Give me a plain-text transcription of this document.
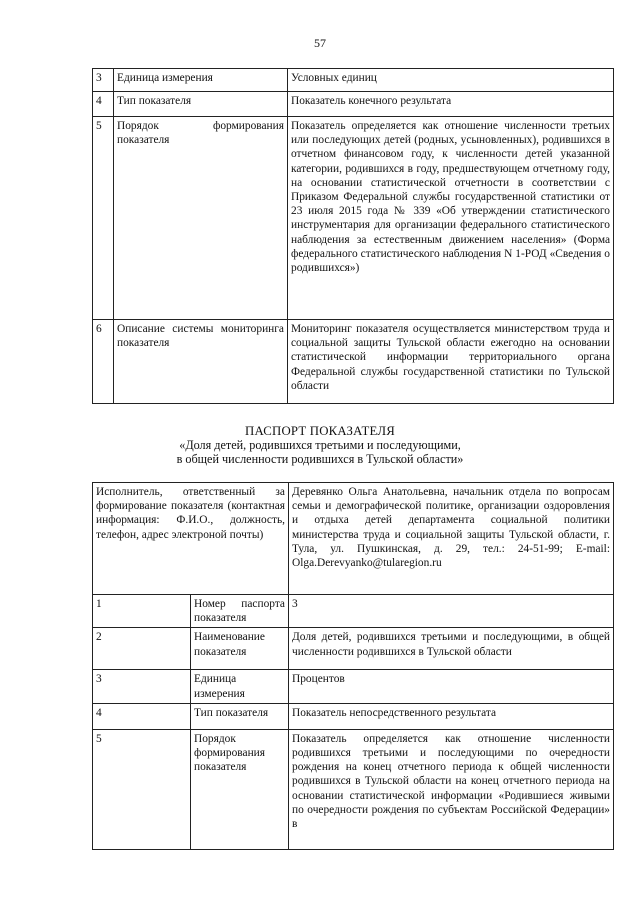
57
3	Единица измерения	Условных единиц
4	Тип показателя	Показатель конечного результата
5	Порядок формирования показателя	Показатель определяется как отношение численности третьих или последующих детей (родных, усыновленных), родившихся в отчетном финансовом году, к численности детей указанной категории, родившихся в году, предшествующем отчетному году, на основании статистической отчетности в соответствии с Приказом Федеральной службы государственной статистики от 23 июля 2015 года № 339 «Об утверждении статистического инструментария для организации федерального статистического наблюдения за естественным движением населения» (Форма федерального статистического наблюдения N 1-РОД «Сведения о родившихся»)
6	Описание системы мониторинга показателя	Мониторинг показателя осуществляется министерством труда и социальной защиты Тульской области ежегодно на основании статистической информации территориального органа Федеральной службы государственной статистики по Тульской области
ПАСПОРТ ПОКАЗАТЕЛЯ
«Доля детей, родившихся третьими и последующими,
в общей численности родившихся в Тульской области»
Исполнитель, ответственный за формирование показателя (контактная информация: Ф.И.О., должность, телефон, адрес электроной почты)		Деревянко Ольга Анатольевна, начальник отдела по вопросам семьи и демографической политике, организации оздоровления и отдыха детей департамента социальной политики министерства труда и социальной защиты Тульской области, г. Тула, ул. Пушкинская, д. 29, тел.: 24-51-99; E-mail: Olga.Derevyanko@tularegion.ru
1	Номер паспорта показателя	3
2	Наименование показателя	Доля детей, родившихся третьими и последующими, в общей численности родившихся в Тульской области
3	Единица измерения	Процентов
4	Тип показателя	Показатель непосредственного результата
5	Порядок формирования показателя	Показатель определяется как отношение численности родившихся третьими и последующими по очередности рождения на конец отчетного периода к общей численности родившихся в Тульской области на конец отчетного периода на основании статистической информации «Родившиеся живыми по очередности рождения по субъектам Российской Федерации» в
